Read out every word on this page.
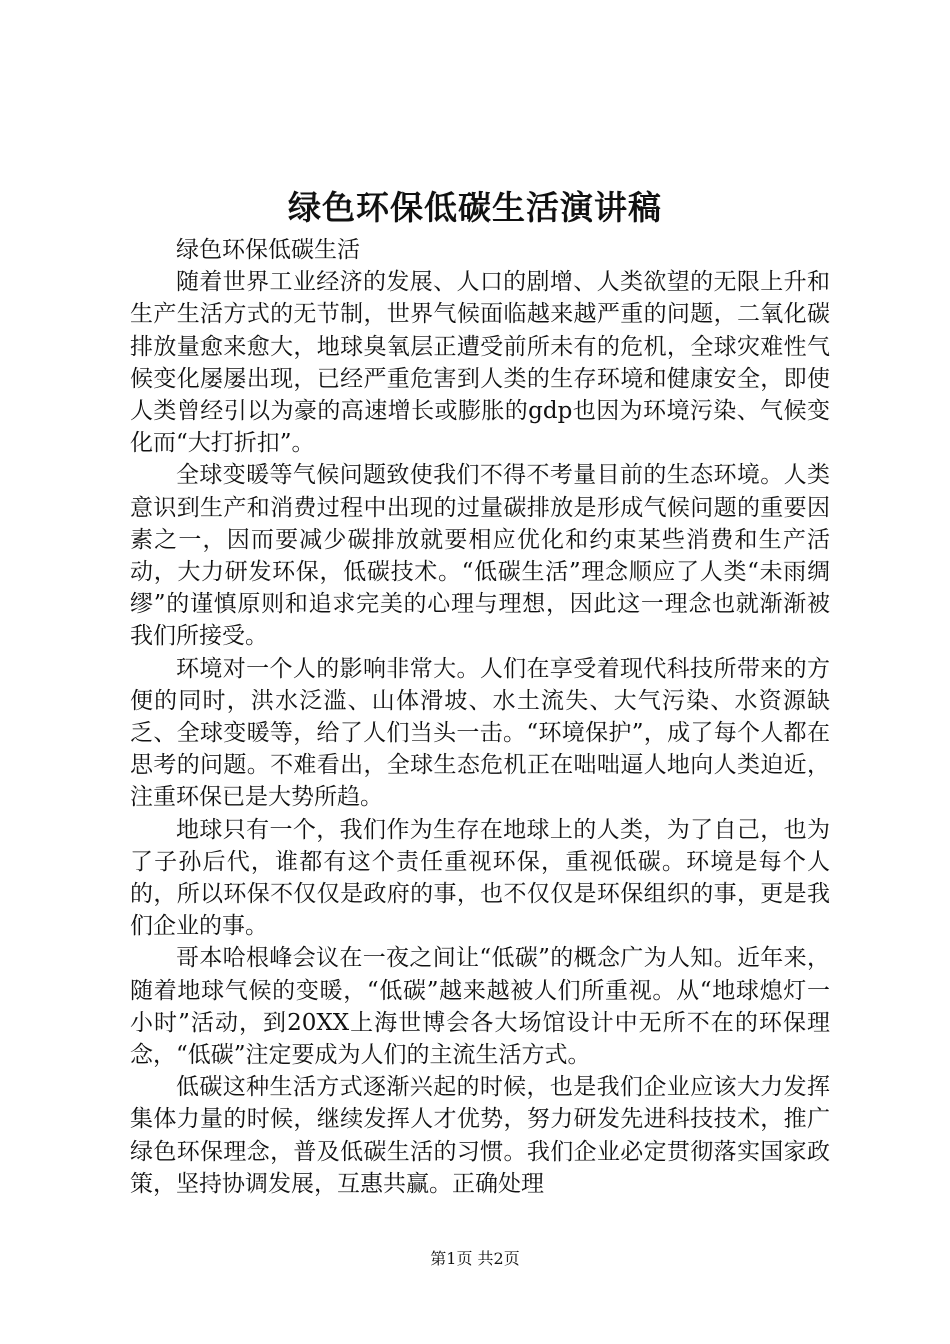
绿色环保低碳生活演讲稿

绿色环保低碳生活

随着世界工业经济的发展、人口的剧增、人类欲望的无限上升和生产生活方式的无节制，世界气候面临越来越严重的问题，二氧化碳排放量愈来愈大，地球臭氧层正遭受前所未有的危机，全球灾难性气候变化屡屡出现，已经严重危害到人类的生存环境和健康安全，即使人类曾经引以为豪的高速增长或膨胀的gdp也因为环境污染、气候变化而“大打折扣”。

全球变暖等气候问题致使我们不得不考量目前的生态环境。人类意识到生产和消费过程中出现的过量碳排放是形成气候问题的重要因素之一，因而要减少碳排放就要相应优化和约束某些消费和生产活动，大力研发环保，低碳技术。“低碳生活”理念顺应了人类“未雨绸缪”的谨慎原则和追求完美的心理与理想，因此这一理念也就渐渐被我们所接受。

环境对一个人的影响非常大。人们在享受着现代科技所带来的方便的同时，洪水泛滥、山体滑坡、水土流失、大气污染、水资源缺乏、全球变暖等，给了人们当头一击。“环境保护”，成了每个人都在思考的问题。不难看出，全球生态危机正在咄咄逼人地向人类迫近，注重环保已是大势所趋。

地球只有一个，我们作为生存在地球上的人类，为了自己，也为了子孙后代，谁都有这个责任重视环保，重视低碳。环境是每个人的，所以环保不仅仅是政府的事，也不仅仅是环保组织的事，更是我们企业的事。

哥本哈根峰会议在一夜之间让“低碳”的概念广为人知。近年来，随着地球气候的变暖，“低碳”越来越被人们所重视。从“地球熄灯一小时”活动，到20XX上海世博会各大场馆设计中无所不在的环保理念，“低碳”注定要成为人们的主流生活方式。

低碳这种生活方式逐渐兴起的时候，也是我们企业应该大力发挥集体力量的时候，继续发挥人才优势，努力研发先进科技技术，推广绿色环保理念，普及低碳生活的习惯。我们企业必定贯彻落实国家政策，坚持协调发展，互惠共赢。正确处理

第1页 共2页
